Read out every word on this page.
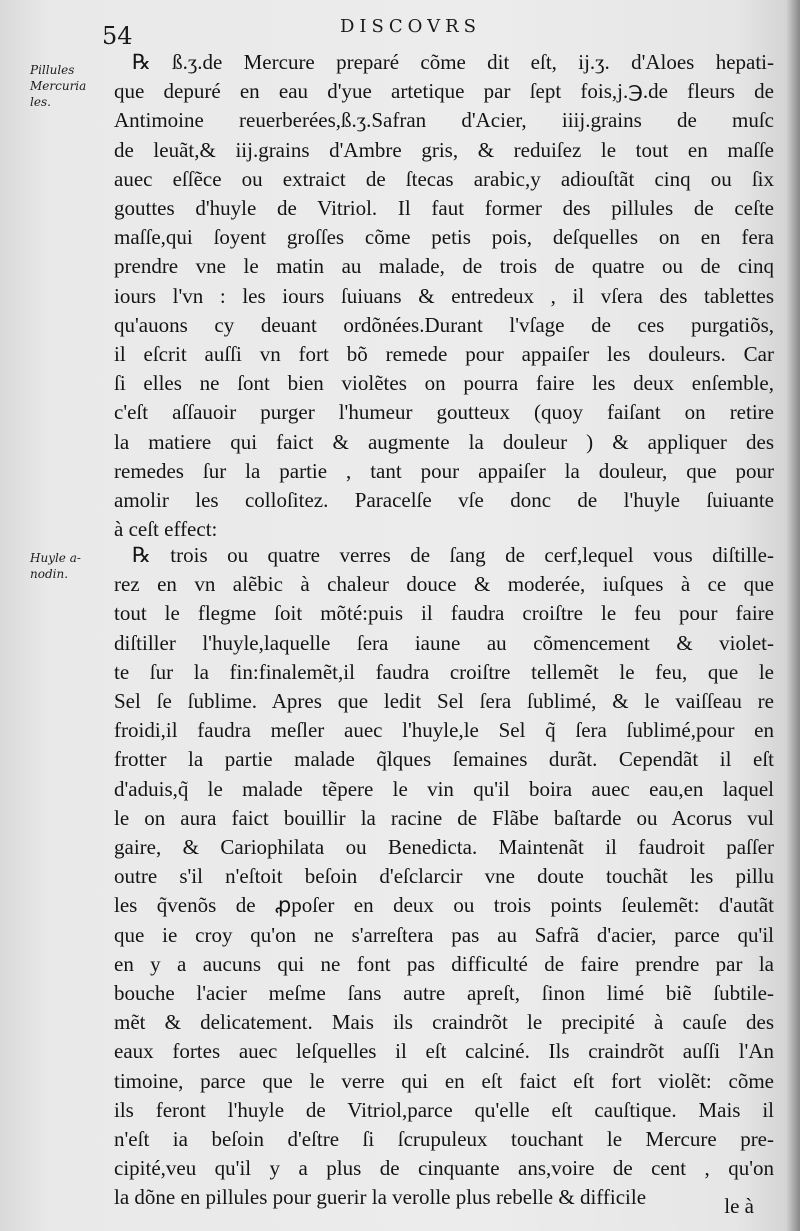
54	DISCOVRS
Pillules Mercuria les.
Huyle a- nodin.
℞ ß.ʒ.de Mercure preparé cõme dit eſt, ij.ʒ. d'Aloes hepati-
que depuré en eau d'yue artetique par ſept fois,j.℈.de fleurs de
Antimoine reuerberées,ß.ʒ.Safran d'Acier, iiij.grains de muſc
de leuãt,& iij.grains d'Ambre gris, & reduiſez le tout en maſſe
auec eſſẽce ou extraict de ſtecas arabic,y adiouſtãt cinq ou ſix
gouttes d'huyle de Vitriol. Il faut former des pillules de ceſte
maſſe,qui ſoyent groſſes cõme petis pois, deſquelles on en fera
prendre vne le matin au malade, de trois de quatre ou de cinq
iours l'vn : les iours ſuiuans & entredeux , il vſera des tablettes
qu'auons cy deuant ordõnées.Durant l'vſage de ces purgatiõs,
il eſcrit auſſi vn fort bõ remede pour appaiſer les douleurs. Car
ſi elles ne ſont bien violẽtes on pourra faire les deux enſemble,
c'eſt aſſauoir purger l'humeur goutteux (quoy faiſant on retire
la matiere qui faict & augmente la douleur ) & appliquer des
remedes ſur la partie , tant pour appaiſer la douleur, que pour
amolir les colloſitez. Paracelſe vſe donc de l'huyle ſuiuante
à ceſt effect:
℞ trois ou quatre verres de ſang de cerf,lequel vous diſtille-
rez en vn alẽbic à chaleur douce & moderée, iuſques à ce que
tout le flegme ſoit mõté:puis il faudra croiſtre le feu pour faire
diſtiller l'huyle,laquelle ſera iaune au cõmencement & violet-
te ſur la fin:finalemẽt,il faudra croiſtre tellemẽt le feu, que le
Sel ſe ſublime. Apres que ledit Sel ſera ſublimé, & le vaiſſeau re
froidi,il faudra meſler auec l'huyle,le Sel q̃ ſera ſublimé,pour en
frotter la partie malade q̃lques ſemaines durãt. Cependãt il eſt
d'aduis,q̃ le malade tẽpere le vin qu'il boira auec eau,en laquel
le on aura faict bouillir la racine de Flãbe baſtarde ou Acorus vul
gaire, & Cariophilata ou Benedicta. Maintenãt il faudroit paſſer
outre s'il n'eſtoit beſoin d'eſclarcir vne doute touchãt les pillu
les q̃venõs de ꝓpoſer en deux ou trois points ſeulemẽt: d'autãt
que ie croy qu'on ne s'arreſtera pas au Safrã d'acier, parce qu'il
en y a aucuns qui ne font pas difficulté de faire prendre par la
bouche l'acier meſme ſans autre apreſt, ſinon limé biẽ ſubtile-
mẽt & delicatement. Mais ils craindrõt le precipité à cauſe des
eaux fortes auec leſquelles il eſt calciné. Ils craindrõt auſſi l'An
timoine, parce que le verre qui en eſt faict eſt fort violẽt: cõme
ils feront l'huyle de Vitriol,parce qu'elle eſt cauſtique. Mais il
n'eſt ia beſoin d'eſtre ſi ſcrupuleux touchant le Mercure pre-
cipité,veu qu'il y a plus de cinquante ans,voire de cent , qu'on
la dõne en pillules pour guerir la verolle plus rebelle & difficile	le à
